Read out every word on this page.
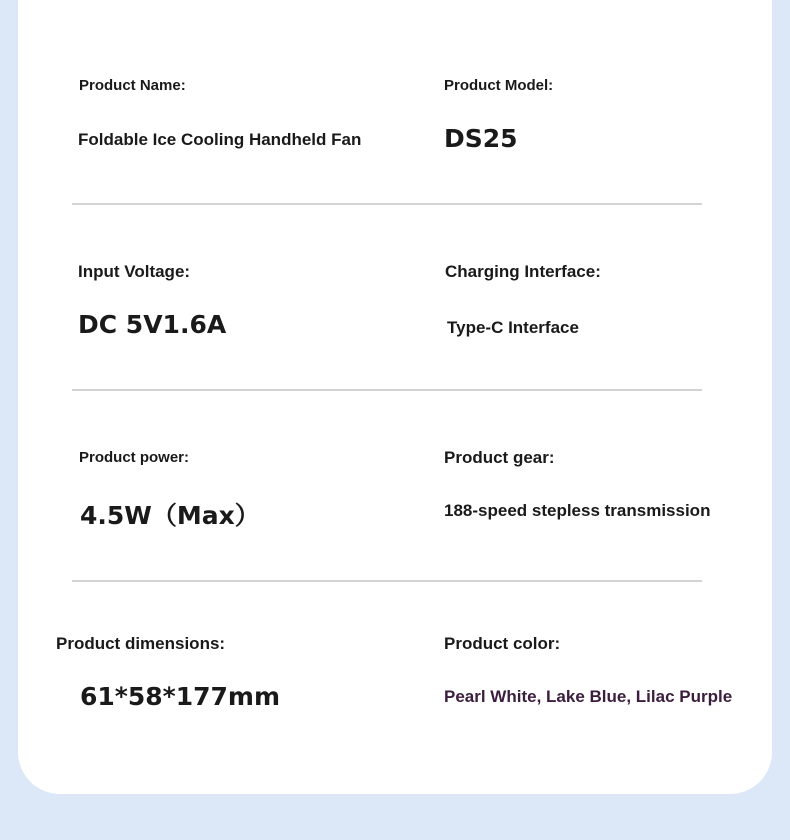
Product Name:
Foldable Ice Cooling Handheld Fan
Product Model:
DS25
Input Voltage:
DC 5V1.6A
Charging Interface:
Type-C Interface
Product power:
4.5W（Max）
Product gear:
188-speed stepless transmission
Product dimensions:
61*58*177mm
Product color:
Pearl White, Lake Blue, Lilac Purple
